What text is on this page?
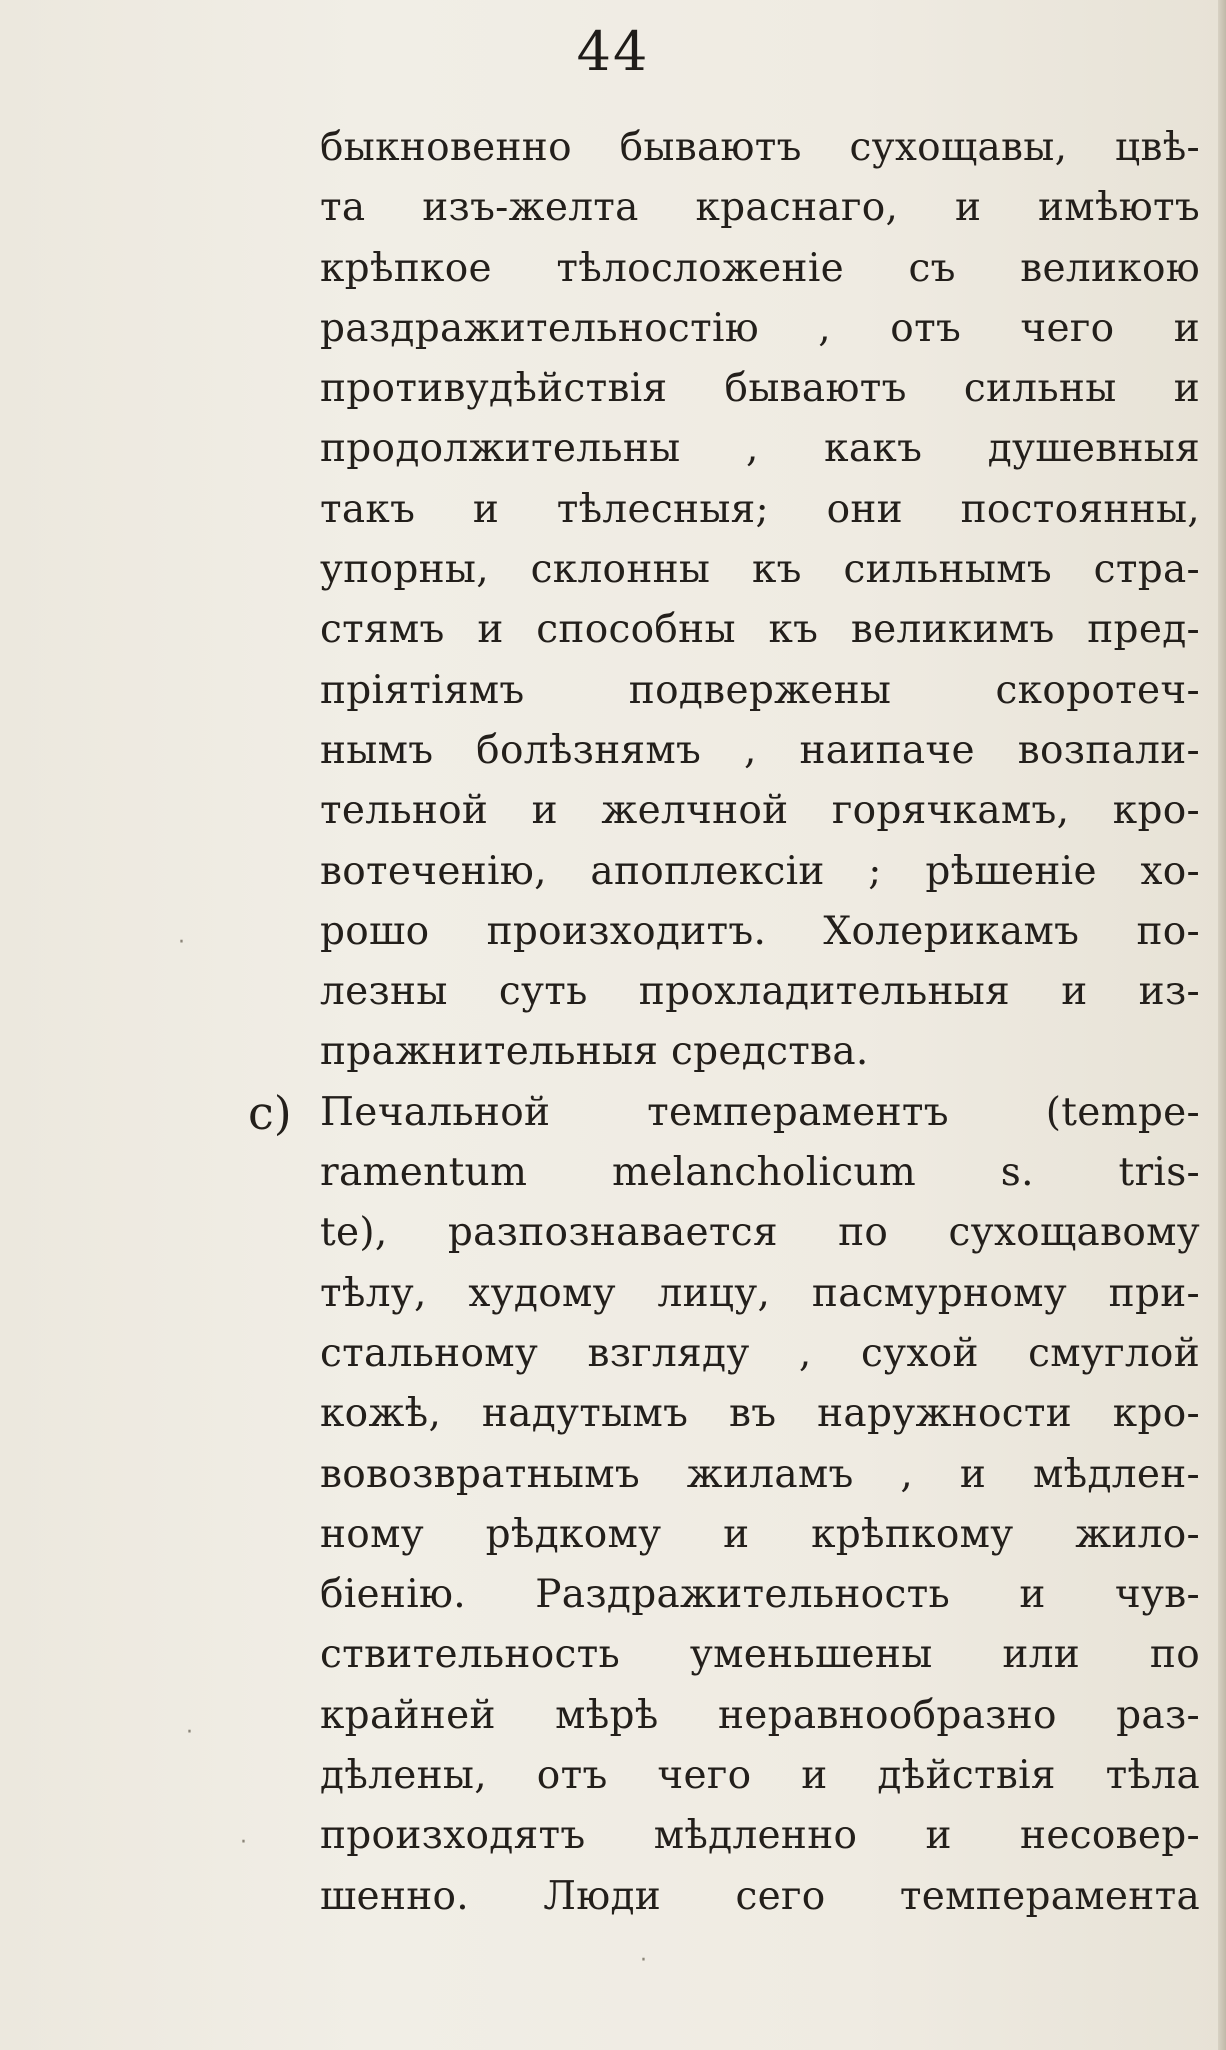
44
c)
быкновенно бываютъ сухощавы, цвѣ-
та изъ-желта краснаго, и имѣютъ
крѣпкое тѣлосложеніе съ великою
раздражительностію , отъ чего и
противудѣйствія бываютъ сильны и
продолжительны , какъ душевныя
такъ и тѣлесныя; они постоянны,
упорны, склонны къ сильнымъ стра-
стямъ и способны къ великимъ пред-
пріятіямъ подвержены скоротеч-
нымъ болѣзнямъ , наипаче возпали-
тельной и желчной горячкамъ, кро-
вотеченію, апоплексіи ; рѣшеніе хо-
рошо произходитъ. Холерикамъ по-
лезны суть прохладительныя и из-
пражнительныя средства.
Печальной темпераментъ (tempe-
ramentum melancholicum s. tris-
te), разпознавается по сухощавому
тѣлу, худому лицу, пасмурному при-
стальному взгляду , сухой смуглой
кожѣ, надутымъ въ наружности кро-
вовозвратнымъ жиламъ , и мѣдлен-
ному рѣдкому и крѣпкому жило-
біенію. Раздражительность и чув-
ствительность уменьшены или по
крайней мѣрѣ неравнообразно раз-
дѣлены, отъ чего и дѣйствія тѣла
произходятъ мѣдленно и несовер-
шенно. Люди сего темперамента
·
·
·
·
